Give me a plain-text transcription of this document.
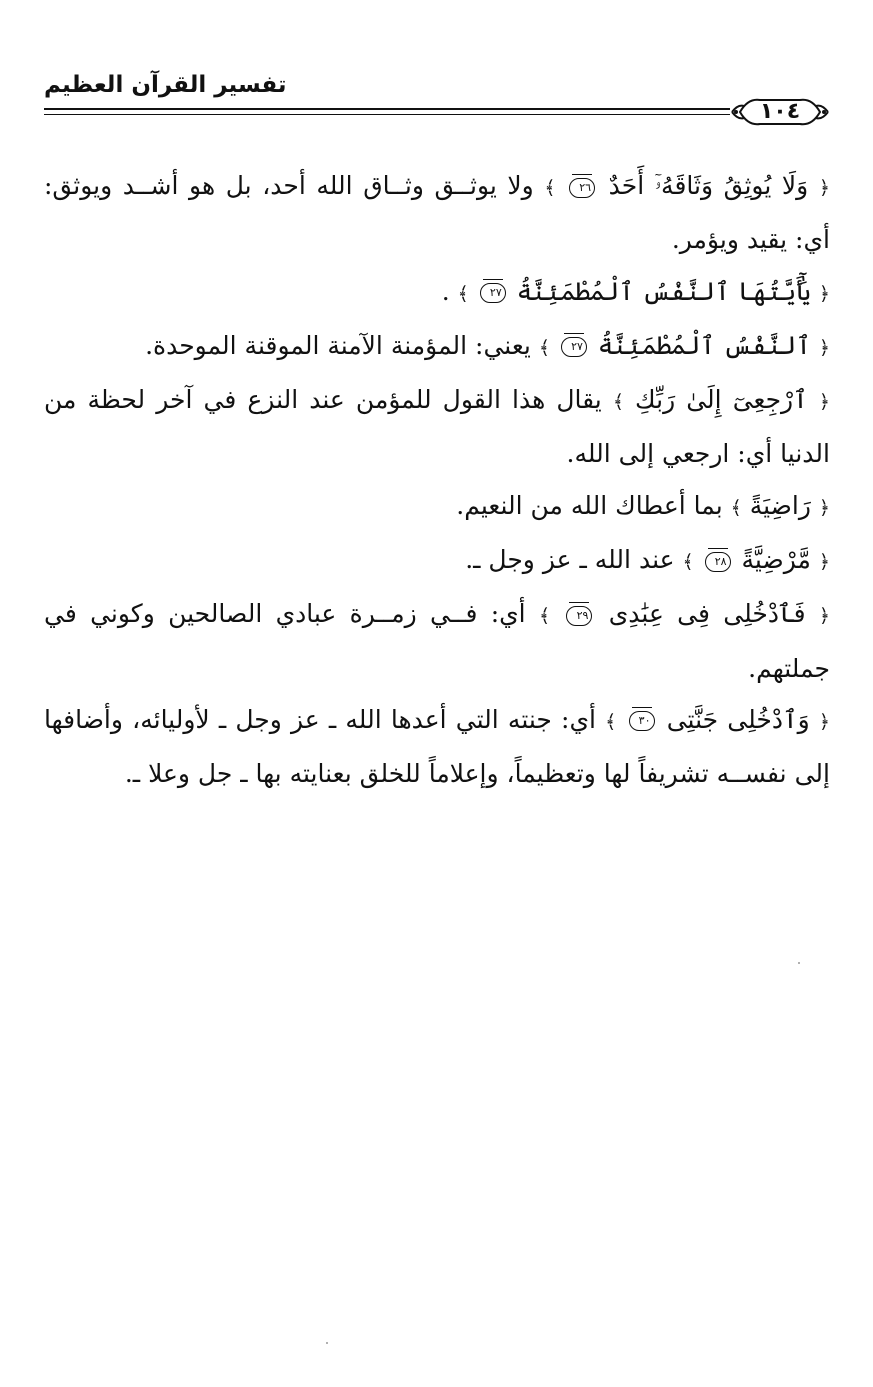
تفسير القرآن العظيم
١٠٤

﴿ وَلَا يُوثِقُ وَثَاقَهُۥٓ أَحَدٌ ٢٦ ﴾ ولا يوثــق وثــاق الله أحد، بل هو أشــد ويوثق: أي: يقيد ويؤمر.

﴿ يَٰٓأَيَّتُهَا ٱلنَّفْسُ ٱلْمُطْمَئِنَّةُ ٢٧ ﴾ .

﴿ ٱلنَّفْسُ ٱلْمُطْمَئِنَّةُ ٢٧ ﴾ يعني: المؤمنة الآمنة الموقنة الموحدة.

﴿ ٱرْجِعِىٓ إِلَىٰ رَبِّكِ ﴾ يقال هذا القول للمؤمن عند النزع في آخر لحظة من الدنيا أي: ارجعي إلى الله.

﴿ رَاضِيَةً ﴾ بما أعطاك الله من النعيم.

﴿ مَّرْضِيَّةً ٢٨ ﴾ عند الله ـ عز وجل ـ.

﴿ فَٱدْخُلِى فِى عِبَٰدِى ٢٩ ﴾ أي: فــي زمــرة عبادي الصالحين وكوني في جملتهم.

﴿ وَٱدْخُلِى جَنَّتِى ٣٠ ﴾ أي: جنته التي أعدها الله ـ عز وجل ـ لأوليائه، وأضافها إلى نفســه تشريفاً لها وتعظيماً، وإعلاماً للخلق بعنايته بها ـ جل وعلا ـ.
